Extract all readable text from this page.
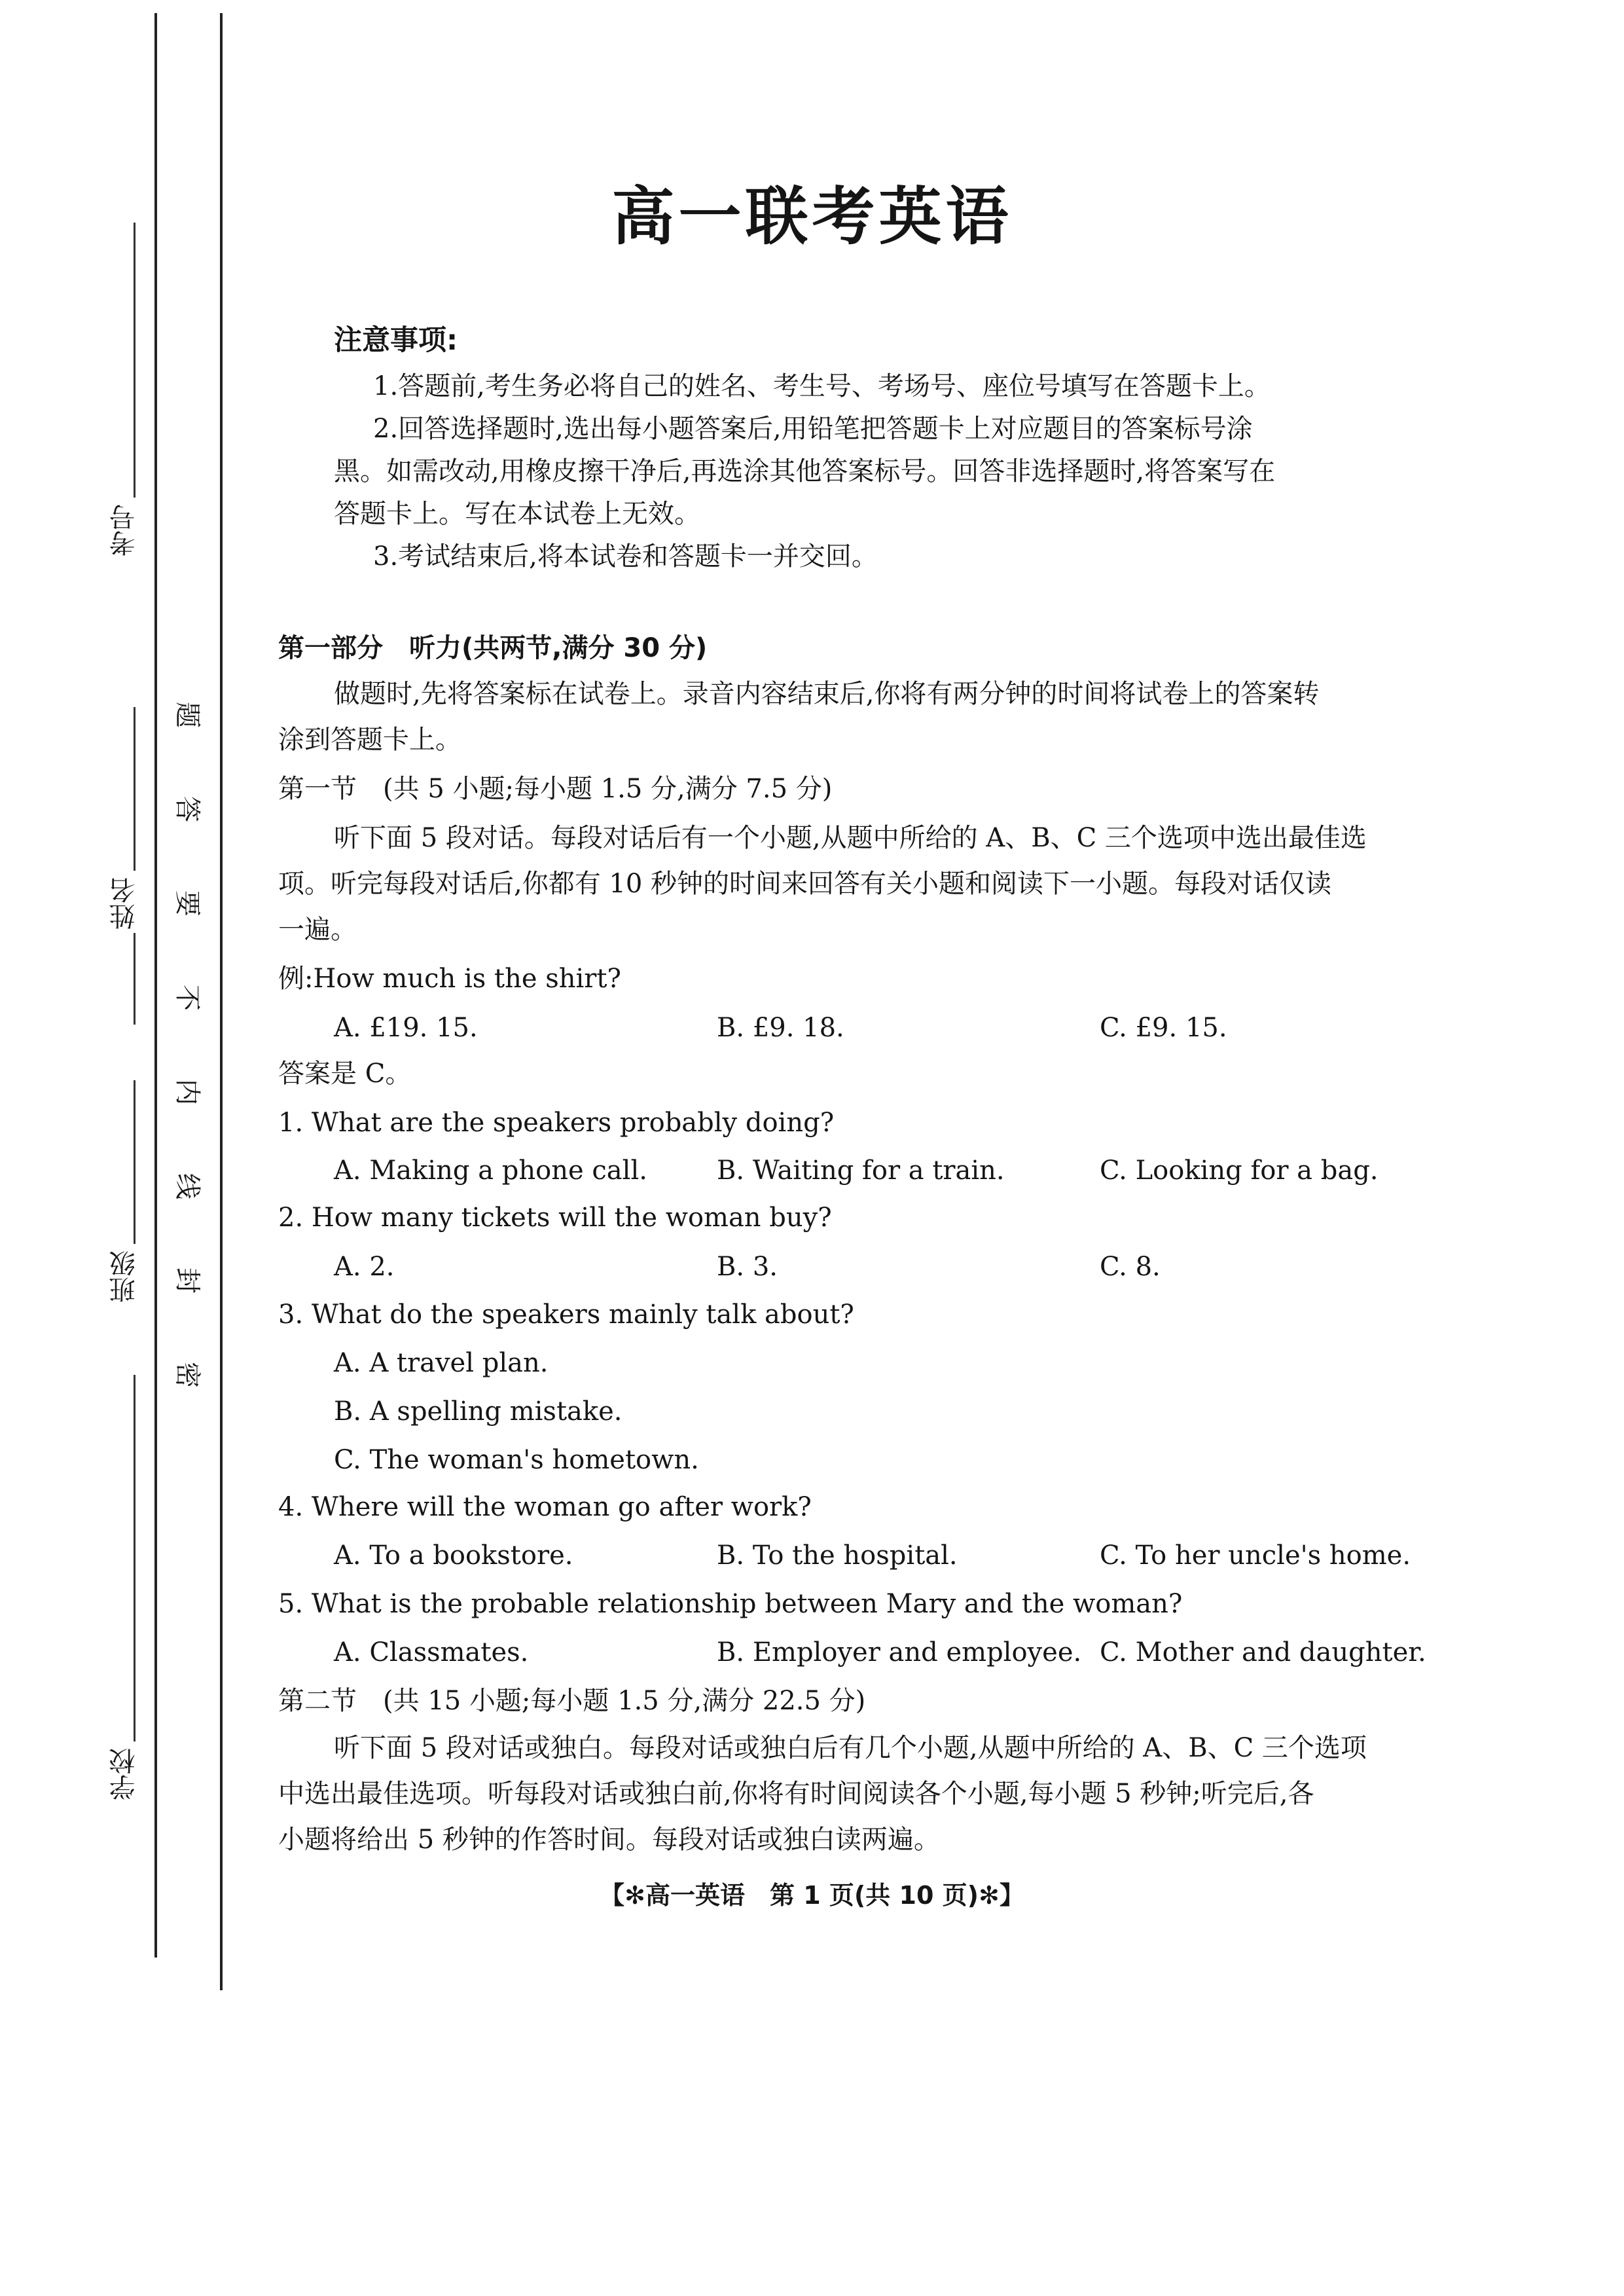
考号
姓名
班级
学校
题
答
要
不
内
线
封
密
高一联考英语
注意事项:
1.答题前,考生务必将自己的姓名、考生号、考场号、座位号填写在答题卡上。
2.回答选择题时,选出每小题答案后,用铅笔把答题卡上对应题目的答案标号涂
黑。如需改动,用橡皮擦干净后,再选涂其他答案标号。回答非选择题时,将答案写在
答题卡上。写在本试卷上无效。
3.考试结束后,将本试卷和答题卡一并交回。
第一部分　听力(共两节,满分 30 分)
做题时,先将答案标在试卷上。录音内容结束后,你将有两分钟的时间将试卷上的答案转
涂到答题卡上。
第一节　(共 5 小题;每小题 1.5 分,满分 7.5 分)
听下面 5 段对话。每段对话后有一个小题,从题中所给的 A、B、C 三个选项中选出最佳选
项。听完每段对话后,你都有 10 秒钟的时间来回答有关小题和阅读下一小题。每段对话仅读
一遍。
例:How much is the shirt?
A. £19. 15.	B. £9. 18.	C. £9. 15.
答案是 C。
1. What are the speakers probably doing?
A. Making a phone call.	B. Waiting for a train.	C. Looking for a bag.
2. How many tickets will the woman buy?
A. 2.	B. 3.	C. 8.
3. What do the speakers mainly talk about?
A. A travel plan.
B. A spelling mistake.
C. The woman's hometown.
4. Where will the woman go after work?
A. To a bookstore.	B. To the hospital.	C. To her uncle's home.
5. What is the probable relationship between Mary and the woman?
A. Classmates.	B. Employer and employee. C. Mother and daughter.
第二节　(共 15 小题;每小题 1.5 分,满分 22.5 分)
听下面 5 段对话或独白。每段对话或独白后有几个小题,从题中所给的 A、B、C 三个选项
中选出最佳选项。听每段对话或独白前,你将有时间阅读各个小题,每小题 5 秒钟;听完后,各
小题将给出 5 秒钟的作答时间。每段对话或独白读两遍。
【✻高一英语　第 1 页(共 10 页)✻】
